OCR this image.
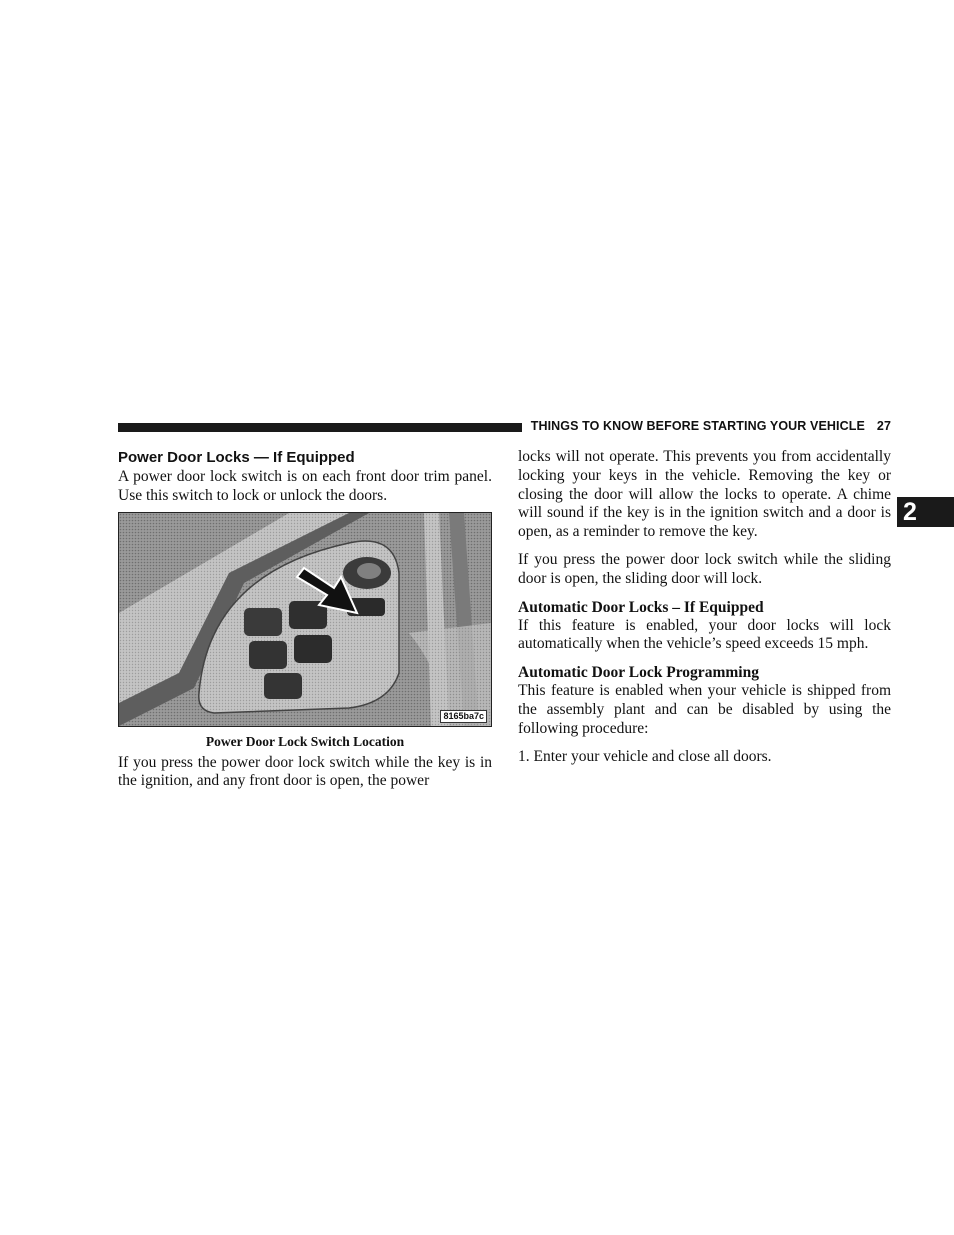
THINGS TO KNOW BEFORE STARTING YOUR VEHICLE 27
2
Power Door Locks — If Equipped

A power door lock switch is on each front door trim panel. Use this switch to lock or unlock the doors.

8165ba7c
Power Door Lock Switch Location

If you press the power door lock switch while the key is in the ignition, and any front door is open, the power

locks will not operate. This prevents you from accidentally locking your keys in the vehicle. Removing the key or closing the door will allow the locks to operate. A chime will sound if the key is in the ignition switch and a door is open, as a reminder to remove the key.

If you press the power door lock switch while the sliding door is open, the sliding door will lock.

Automatic Door Locks – If Equipped

If this feature is enabled, your door locks will lock automatically when the vehicle’s speed exceeds 15 mph.

Automatic Door Lock Programming

This feature is enabled when your vehicle is shipped from the assembly plant and can be disabled by using the following procedure:

1. Enter your vehicle and close all doors.
